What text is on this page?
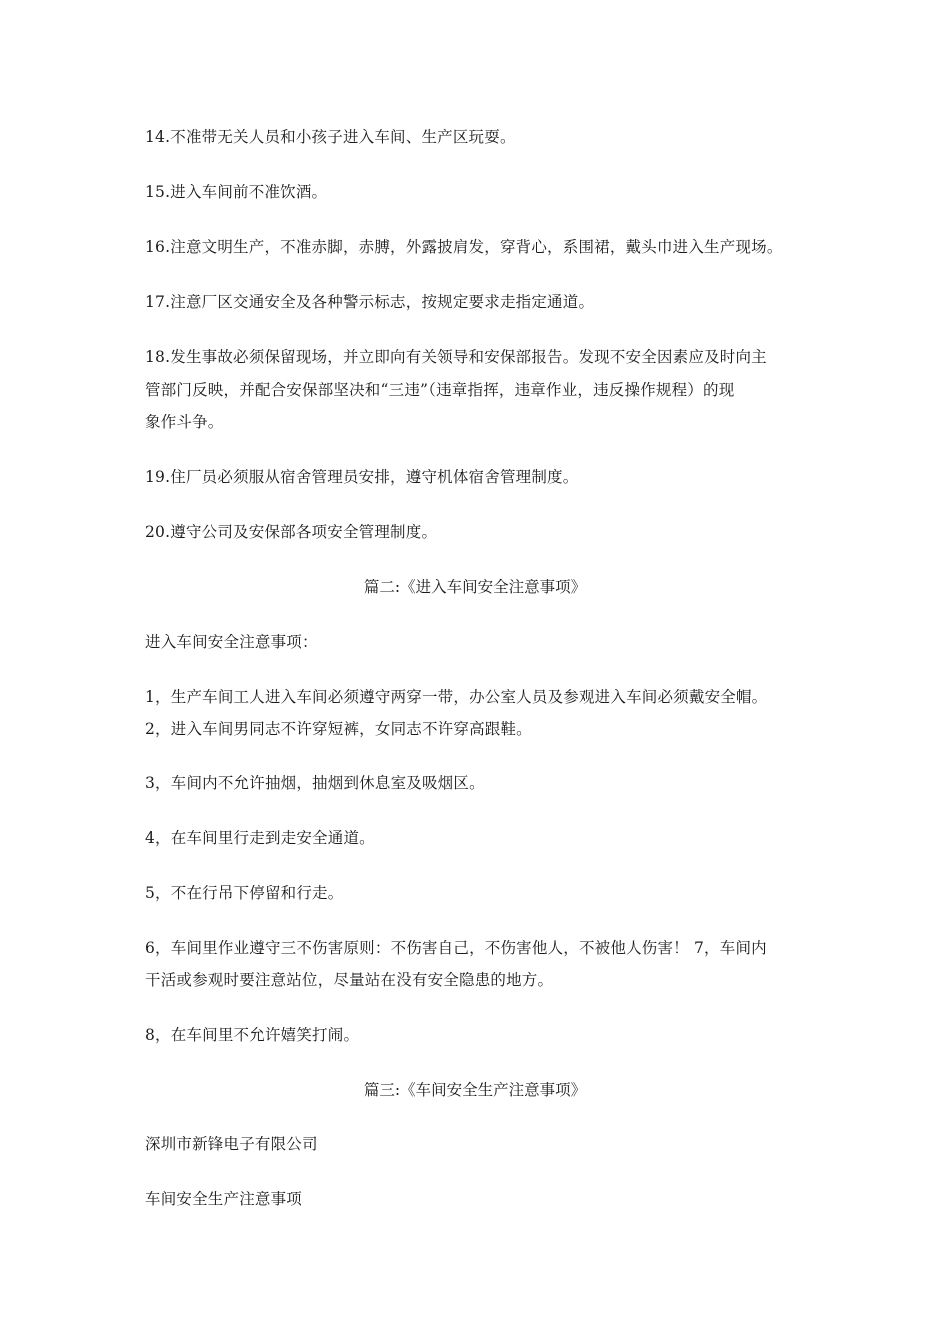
14.不准带无关人员和小孩子进入车间、生产区玩耍。
15.进入车间前不准饮酒。
16.注意文明生产，不准赤脚，赤膊，外露披肩发，穿背心，系围裙，戴头巾进入生产现场。
17.注意厂区交通安全及各种警示标志，按规定要求走指定通道。
18.发生事故必须保留现场，并立即向有关领导和安保部报告。发现不安全因素应及时向主
管部门反映，并配合安保部坚决和“三违”（违章指挥，违章作业，违反操作规程）的现
象作斗争。
19.住厂员必须服从宿舍管理员安排，遵守机体宿舍管理制度。
20.遵守公司及安保部各项安全管理制度。
篇二:《进入车间安全注意事项》
进入车间安全注意事项：
1，生产车间工人进入车间必须遵守两穿一带，办公室人员及参观进入车间必须戴安全帽。
2，进入车间男同志不许穿短裤，女同志不许穿高跟鞋。
3，车间内不允许抽烟，抽烟到休息室及吸烟区。
4，在车间里行走到走安全通道。
5，不在行吊下停留和行走。
6，车间里作业遵守三不伤害原则：不伤害自己，不伤害他人，不被他人伤害！ 7，车间内
干活或参观时要注意站位，尽量站在没有安全隐患的地方。
8，在车间里不允许嬉笑打闹。
篇三:《车间安全生产注意事项》
深圳市新锋电子有限公司
车间安全生产注意事项
